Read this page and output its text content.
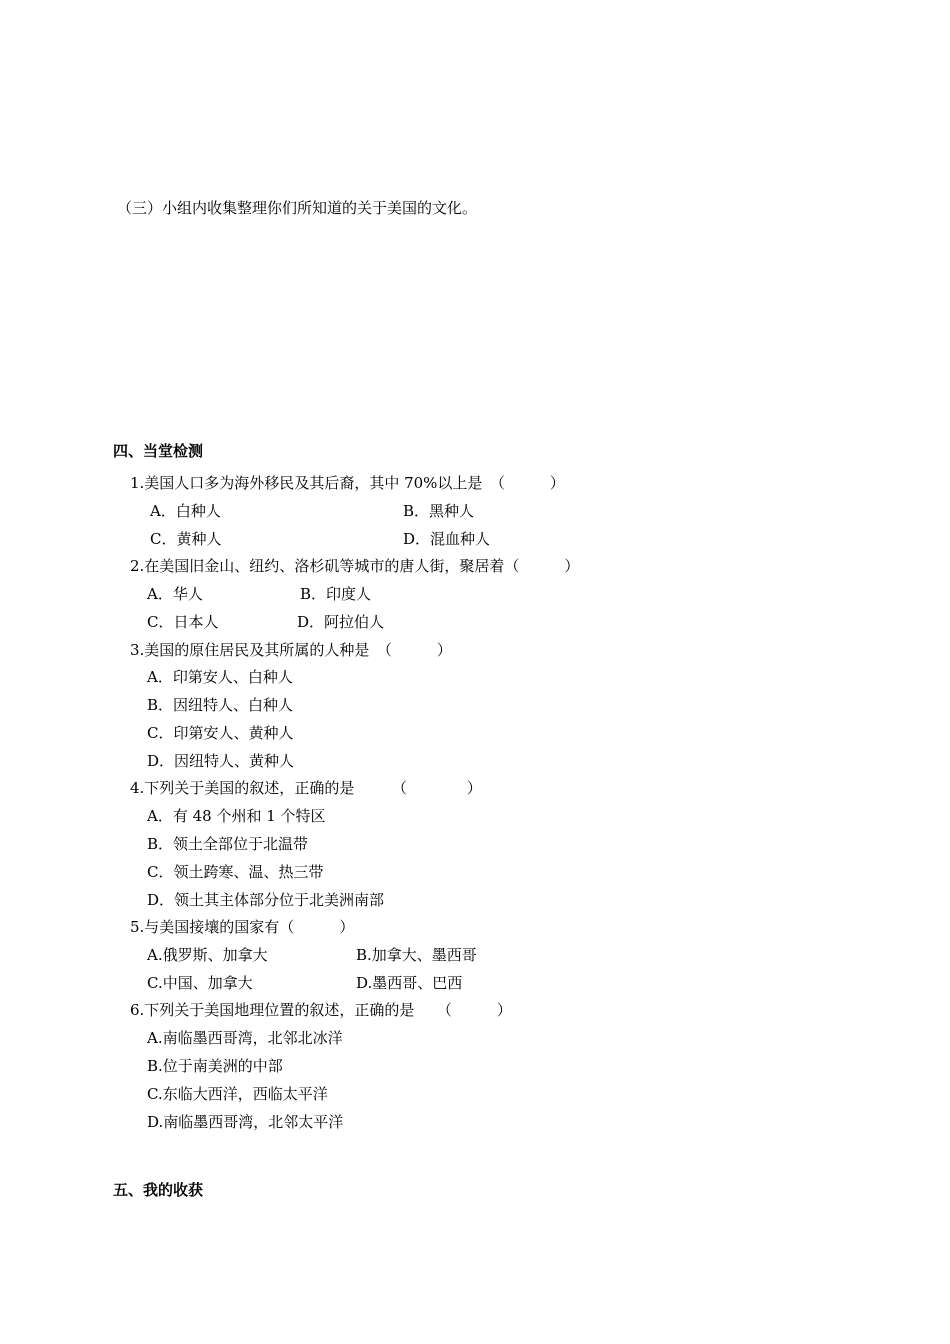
（三）小组内收集整理你们所知道的关于美国的文化。
四、当堂检测
1.美国人口多为海外移民及其后裔，其中 70%以上是　（　　　）
A．白种人	B．黑种人
C．黄种人	D．混血种人
2.在美国旧金山、纽约、洛杉矶等城市的唐人街，聚居着（　　　）
A．华人	B．印度人
C．日本人	D．阿拉伯人
3.美国的原住居民及其所属的人种是　（　　　）
A．印第安人、白种人
B．因纽特人、白种人
C．印第安人、黄种人
D．因纽特人、黄种人
4.下列关于美国的叙述，正确的是　　　（　　　　）
A．有 48 个州和 1 个特区
B．领土全部位于北温带
C．领土跨寒、温、热三带
D．领土其主体部分位于北美洲南部
5.与美国接壤的国家有（　　　）
A.俄罗斯、加拿大	B.加拿大、墨西哥
C.中国、加拿大	D.墨西哥、巴西
6.下列关于美国地理位置的叙述，正确的是　　（　　　）
A.南临墨西哥湾，北邻北冰洋
B.位于南美洲的中部
C.东临大西洋，西临太平洋
D.南临墨西哥湾，北邻太平洋
五、我的收获
